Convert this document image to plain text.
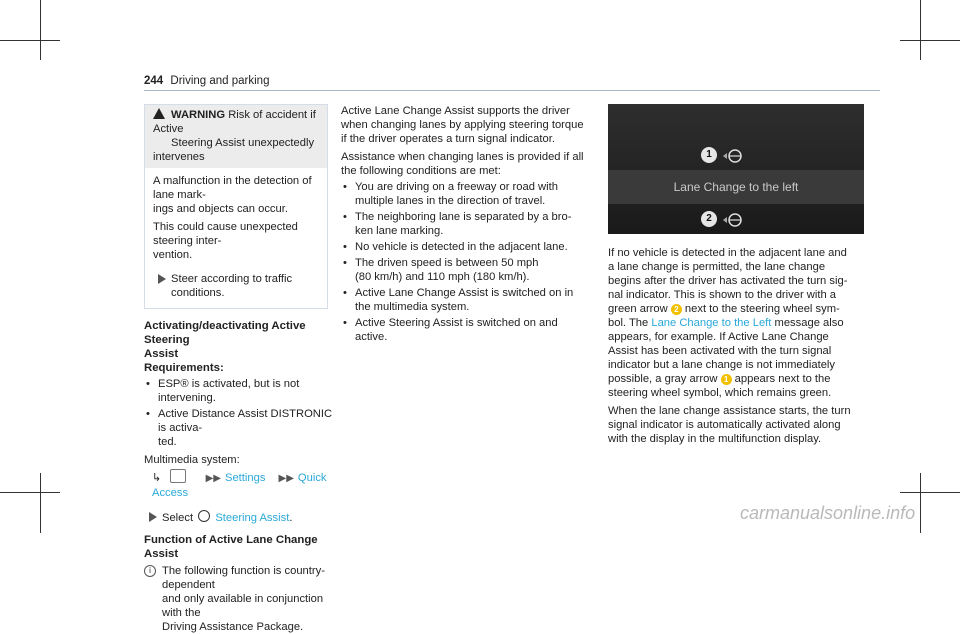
244 Driving and parking
WARNING Risk of accident if Active
Steering Assist unexpectedly intervenes

A malfunction in the detection of lane mark-
ings and objects can occur.

This could cause unexpected steering inter-
vention.

Steer according to traffic conditions.
Activating/deactivating Active Steering
Assist
Requirements:
• ESP® is activated, but is not intervening.
• Active Distance Assist DISTRONIC is activa-
ted.
Multimedia system:
↳	▶▶ Settings ▶▶ Quick Access
Select Steering Assist.
Function of Active Lane Change Assist
i The following function is country-dependent
and only available in conjunction with the
Driving Assistance Package.

Active Lane Change Assist supports the driver
when changing lanes by applying steering torque
if the driver operates a turn signal indicator.

Assistance when changing lanes is provided if all
the following conditions are met:

• You are driving on a freeway or road with
multiple lanes in the direction of travel.
• The neighboring lane is separated by a bro-
ken lane marking.
• No vehicle is detected in the adjacent lane.
• The driven speed is between 50 mph
(80 km/h) and 110 mph (180 km/h).
• Active Lane Change Assist is switched on in
the multimedia system.
• Active Steering Assist is switched on and
active.
1
Lane Change to the left
2

If no vehicle is detected in the adjacent lane and
a lane change is permitted, the lane change
begins after the driver has activated the turn sig-
nal indicator. This is shown to the driver with a
green arrow 2 next to the steering wheel sym-
bol. The Lane Change to the Left message also
appears, for example. If Active Lane Change
Assist has been activated with the turn signal
indicator but a lane change is not immediately
possible, a gray arrow 1 appears next to the
steering wheel symbol, which remains green.

When the lane change assistance starts, the turn
signal indicator is automatically activated along
with the display in the multifunction display.

carmanualsonline.info
